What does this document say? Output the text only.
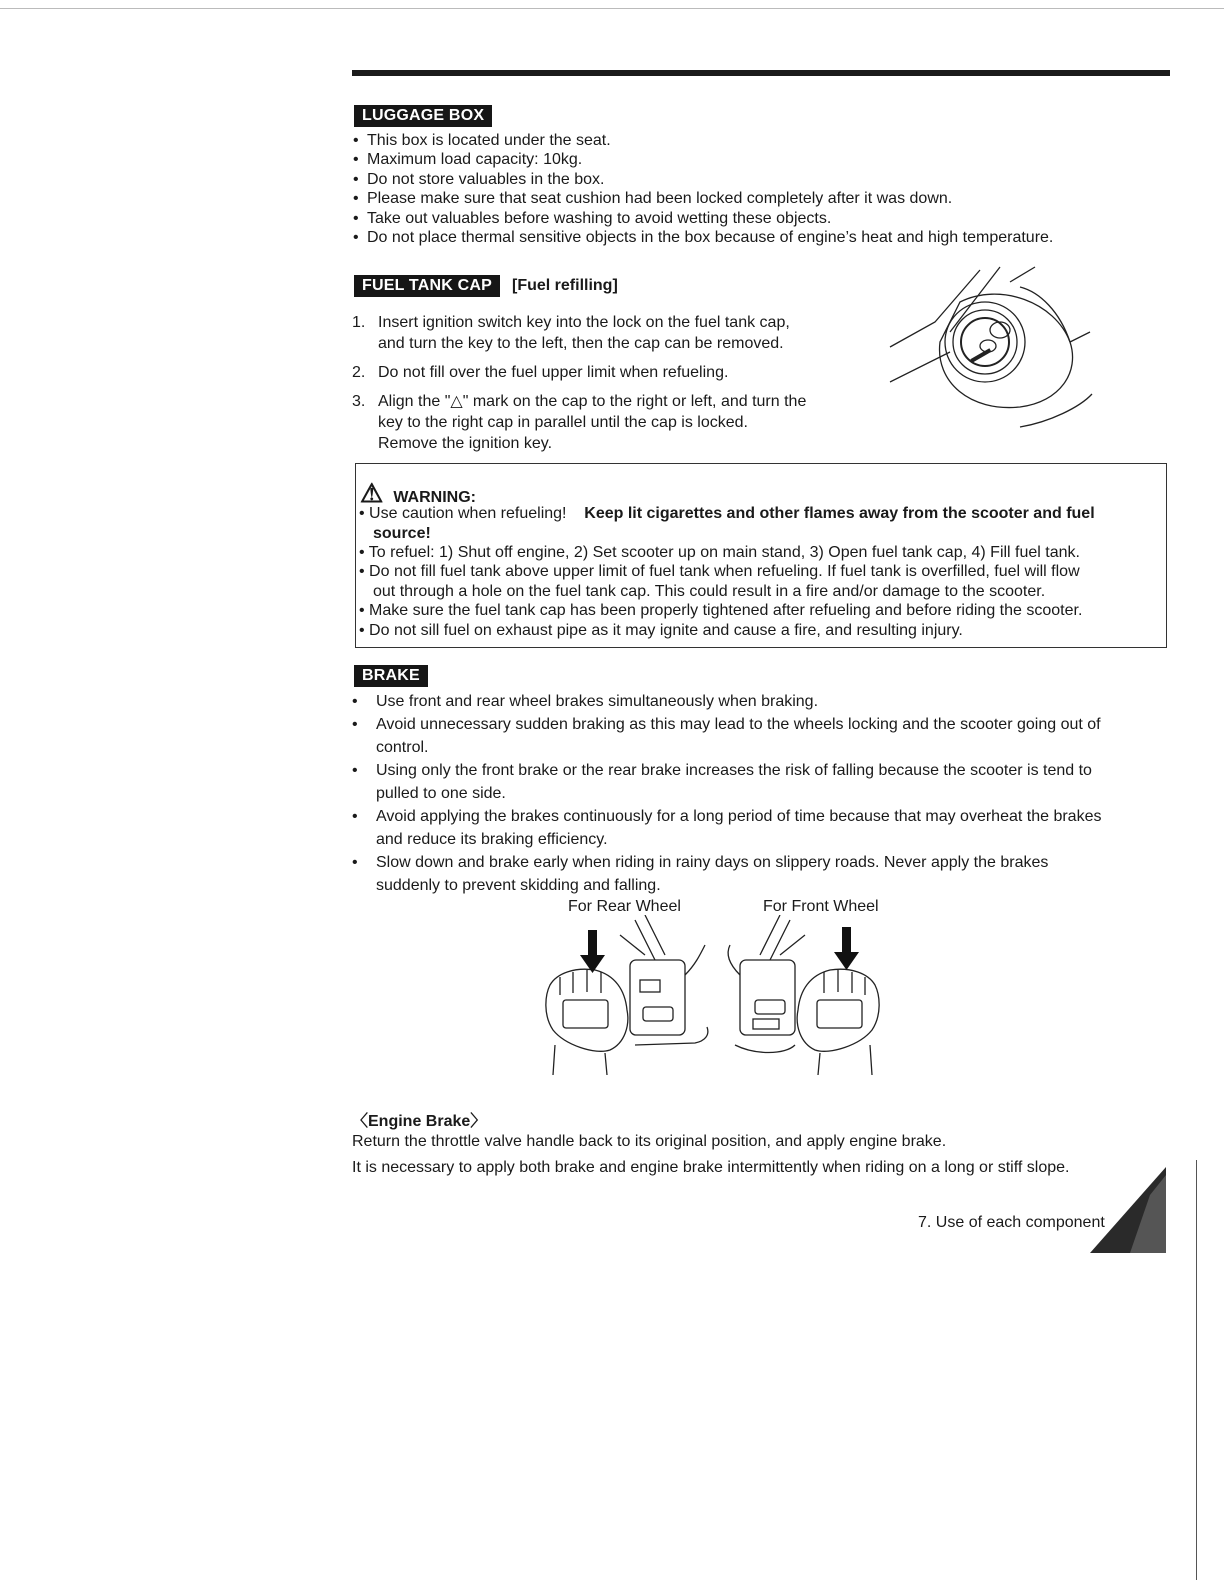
LUGGAGE BOX
• This box is located under the seat.
• Maximum load capacity: 10kg.
• Do not store valuables in the box.
• Please make sure that seat cushion had been locked completely after it was down.
• Take out valuables before washing to avoid wetting these objects.
• Do not place thermal sensitive objects in the box because of engine’s heat and high temperature.
FUEL TANK CAP	[Fuel refilling]
1. Insert ignition switch key into the lock on the fuel tank cap,
and turn the key to the left, then the cap can be removed.
2. Do not fill over the fuel upper limit when refueling.
3. Align the "△" mark on the cap to the right or left, and turn the
key to the right cap in parallel until the cap is locked.
Remove the ignition key.
⚠ WARNING:
• Use caution when refueling! Keep lit cigarettes and other flames away from the scooter and fuel
source!
• To refuel: 1) Shut off engine, 2) Set scooter up on main stand, 3) Open fuel tank cap, 4) Fill fuel tank.
• Do not fill fuel tank above upper limit of fuel tank when refueling. If fuel tank is overfilled, fuel will flow
out through a hole on the fuel tank cap. This could result in a fire and/or damage to the scooter.
• Make sure the fuel tank cap has been properly tightened after refueling and before riding the scooter.
• Do not sill fuel on exhaust pipe as it may ignite and cause a fire, and resulting injury.
BRAKE
• Use front and rear wheel brakes simultaneously when braking.
• Avoid unnecessary sudden braking as this may lead to the wheels locking and the scooter going out of
control.
• Using only the front brake or the rear brake increases the risk of falling because the scooter is tend to
pulled to one side.
• Avoid applying the brakes continuously for a long period of time because that may overheat the brakes
and reduce its braking efficiency.
• Slow down and brake early when riding in rainy days on slippery roads. Never apply the brakes
suddenly to prevent skidding and falling.
For Rear Wheel	For Front Wheel
〈Engine Brake〉
Return the throttle valve handle back to its original position, and apply engine brake.
It is necessary to apply both brake and engine brake intermittently when riding on a long or stiff slope.
7. Use of each component
